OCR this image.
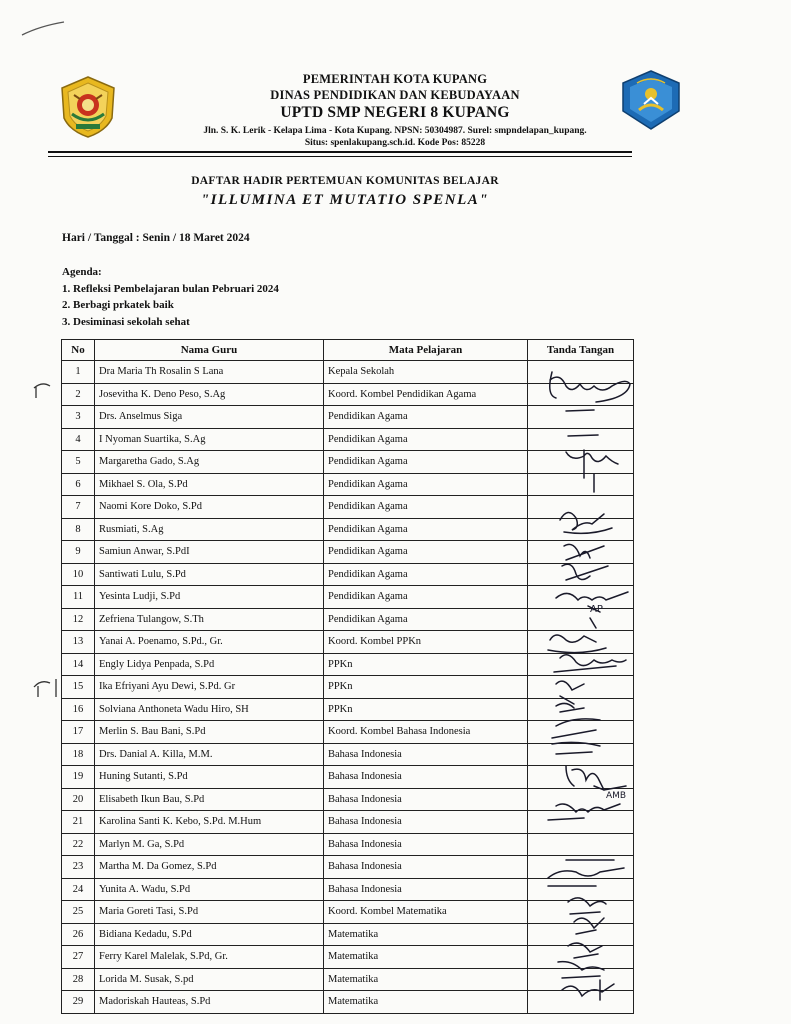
PEMERINTAH KOTA KUPANG
DINAS PENDIDIKAN DAN KEBUDAYAAN
UPTD SMP NEGERI 8 KUPANG
Jln. S. K. Lerik - Kelapa Lima - Kota Kupang. NPSN: 50304987. Surel: smpndelapan_kupang.
Situs: spenlakupang.sch.id. Kode Pos: 85228
DAFTAR HADIR PERTEMUAN KOMUNITAS BELAJAR
"ILLUMINA ET MUTATIO SPENLA"
Hari / Tanggal : Senin / 18 Maret 2024
Agenda:
1. Refleksi Pembelajaran bulan Pebruari 2024
2. Berbagi prkatek baik
3. Desiminasi sekolah sehat
No	Nama Guru	Mata Pelajaran	Tanda Tangan
1	Dra Maria Th Rosalin S Lana	Kepala Sekolah	
2	Josevitha K. Deno Peso, S.Ag	Koord. Kombel Pendidikan Agama	
3	Drs. Anselmus Siga	Pendidikan Agama	
4	I Nyoman Suartika, S.Ag	Pendidikan Agama	
5	Margaretha Gado, S.Ag	Pendidikan Agama	
6	Mikhael S. Ola, S.Pd	Pendidikan Agama	
7	Naomi Kore Doko, S.Pd	Pendidikan Agama	
8	Rusmiati, S.Ag	Pendidikan Agama	
9	Samiun Anwar, S.PdI	Pendidikan Agama	
10	Santiwati Lulu, S.Pd	Pendidikan Agama	
11	Yesinta Ludji, S.Pd	Pendidikan Agama	
12	Zefriena Tulangow, S.Th	Pendidikan Agama	
13	Yanai A. Poenamo, S.Pd., Gr.	Koord. Kombel PPKn	
14	Engly Lidya Penpada, S.Pd	PPKn	
15	Ika Efriyani Ayu Dewi, S.Pd. Gr	PPKn	
16	Solviana Anthoneta Wadu Hiro, SH	PPKn	
17	Merlin S. Bau Bani, S.Pd	Koord. Kombel Bahasa Indonesia	
18	Drs. Danial A. Killa, M.M.	Bahasa Indonesia	
19	Huning Sutanti, S.Pd	Bahasa Indonesia	
20	Elisabeth Ikun Bau, S.Pd	Bahasa Indonesia	
21	Karolina Santi K. Kebo, S.Pd. M.Hum	Bahasa Indonesia	
22	Marlyn M. Ga, S.Pd	Bahasa Indonesia	
23	Martha M. Da Gomez, S.Pd	Bahasa Indonesia	
24	Yunita A. Wadu, S.Pd	Bahasa Indonesia	
25	Maria Goreti Tasi, S.Pd	Koord. Kombel Matematika	
26	Bidiana Kedadu, S.Pd	Matematika	
27	Ferry Karel Malelak, S.Pd, Gr.	Matematika	
28	Lorida M. Susak, S.pd	Matematika	
29	Madoriskah Hauteas, S.Pd	Matematika	
AP
AMB
